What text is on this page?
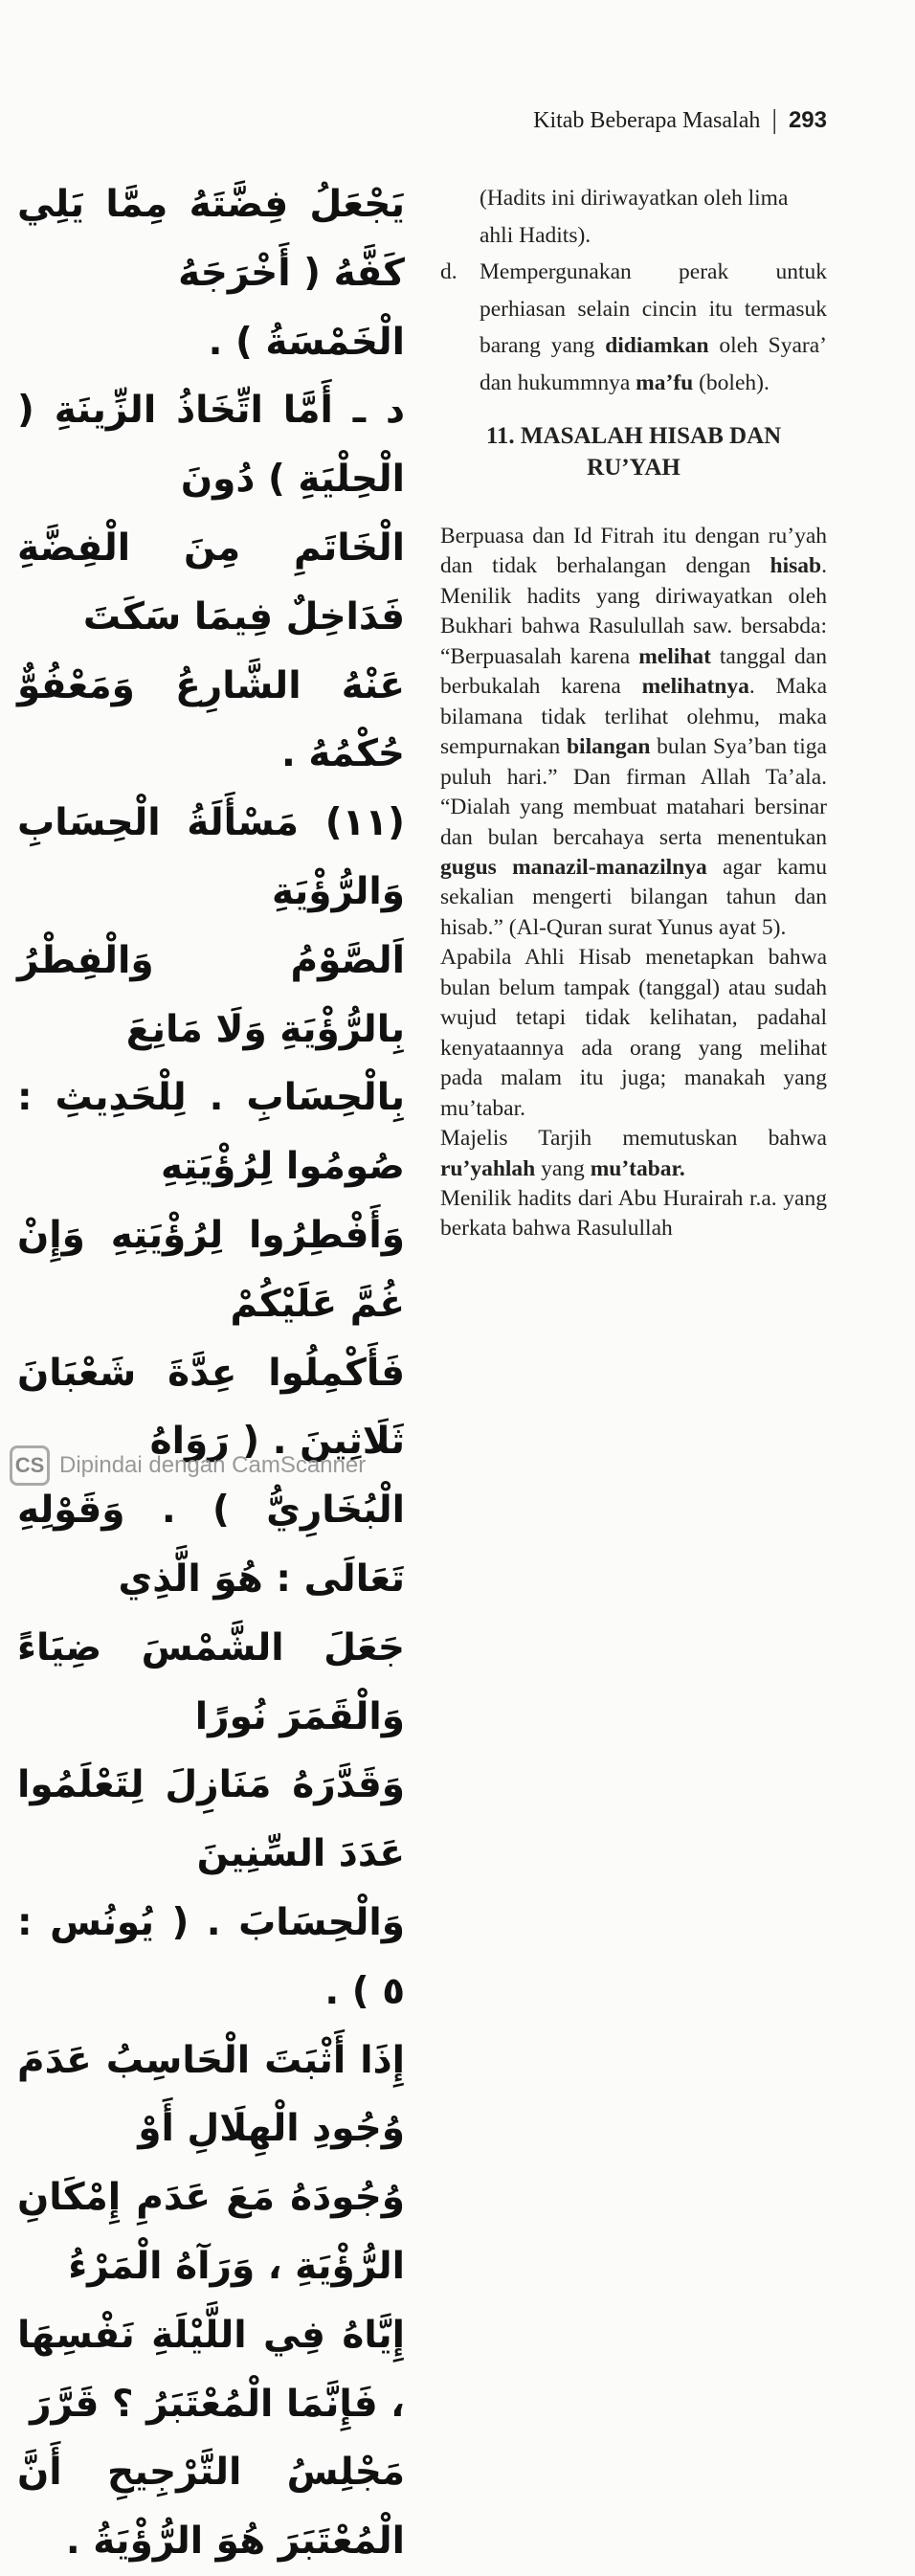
Kitab Beberapa Masalah | 293

يَجْعَلُ فِضَّتَهُ مِمَّا يَلِي كَفَّهُ ( أَخْرَجَهُ

الْخَمْسَةُ ) .

د ـ أَمَّا اتِّخَاذُ الزِّينَةِ ( الْحِلْيَةِ ) دُونَ

الْخَاتَمِ مِنَ الْفِضَّةِ فَدَاخِلٌ فِيمَا سَكَتَ

عَنْهُ الشَّارِعُ وَمَعْفُوٌّ حُكْمُهُ .

(١١) مَسْأَلَةُ الْحِسَابِ وَالرُّؤْيَةِ

اَلصَّوْمُ وَالْفِطْرُ بِالرُّؤْيَةِ وَلَا مَانِعَ

بِالْحِسَابِ . لِلْحَدِيثِ : صُومُوا لِرُؤْيَتِهِ

وَأَفْطِرُوا لِرُؤْيَتِهِ وَإِنْ غُمَّ عَلَيْكُمْ

فَأَكْمِلُوا عِدَّةَ شَعْبَانَ ثَلَاثِينَ . ( رَوَاهُ

الْبُخَارِيُّ ) . وَقَوْلِهِ تَعَالَى : هُوَ الَّذِي

جَعَلَ الشَّمْسَ ضِيَاءً وَالْقَمَرَ نُورًا

وَقَدَّرَهُ مَنَازِلَ لِتَعْلَمُوا عَدَدَ السِّنِينَ

وَالْحِسَابَ . ( يُونُس : ٥ ) .

إِذَا أَثْبَتَ الْحَاسِبُ عَدَمَ وُجُودِ الْهِلَالِ أَوْ

وُجُودَهُ مَعَ عَدَمِ إِمْكَانِ الرُّؤْيَةِ ، وَرَآهُ الْمَرْءُ

إِيَّاهُ فِي اللَّيْلَةِ نَفْسِهَا ، فَإِنَّمَا الْمُعْتَبَرُ ؟ قَرَّرَ

مَجْلِسُ التَّرْجِيحِ أَنَّ الْمُعْتَبَرَ هُوَ الرُّؤْيَةُ .

(Hadits ini diriwayatkan oleh lima ahli Hadits).

d. Mempergunakan perak untuk perhiasan selain cincin itu termasuk barang yang didiamkan oleh Syara’ dan hukummnya ma’fu (boleh).
11. MASALAH HISAB DAN RU’YAH

Berpuasa dan Id Fitrah itu dengan ru’yah dan tidak berhalangan dengan hisab. Menilik hadits yang diriwayatkan oleh Bukhari bahwa Rasulullah saw. bersabda: “Berpuasalah karena melihat tanggal dan berbukalah karena melihatnya. Maka bilamana tidak terlihat olehmu, maka sempurnakan bilangan bulan Sya’ban tiga puluh hari.” Dan firman Allah Ta’ala. “Dialah yang membuat matahari bersinar dan bulan bercahaya serta menentukan gugus manazil-manazilnya agar kamu sekalian mengerti bilangan tahun dan hisab.” (Al-Quran surat Yunus ayat 5).

Apabila Ahli Hisab menetapkan bahwa bulan belum tampak (tanggal) atau sudah wujud tetapi tidak kelihatan, padahal kenyataannya ada orang yang melihat pada malam itu juga; manakah yang mu’tabar.

Majelis Tarjih memutuskan bahwa ru’yahlah yang mu’tabar.

Menilik hadits dari Abu Hurairah r.a. yang berkata bahwa Rasulullah

CS Dipindai dengan CamScanner
